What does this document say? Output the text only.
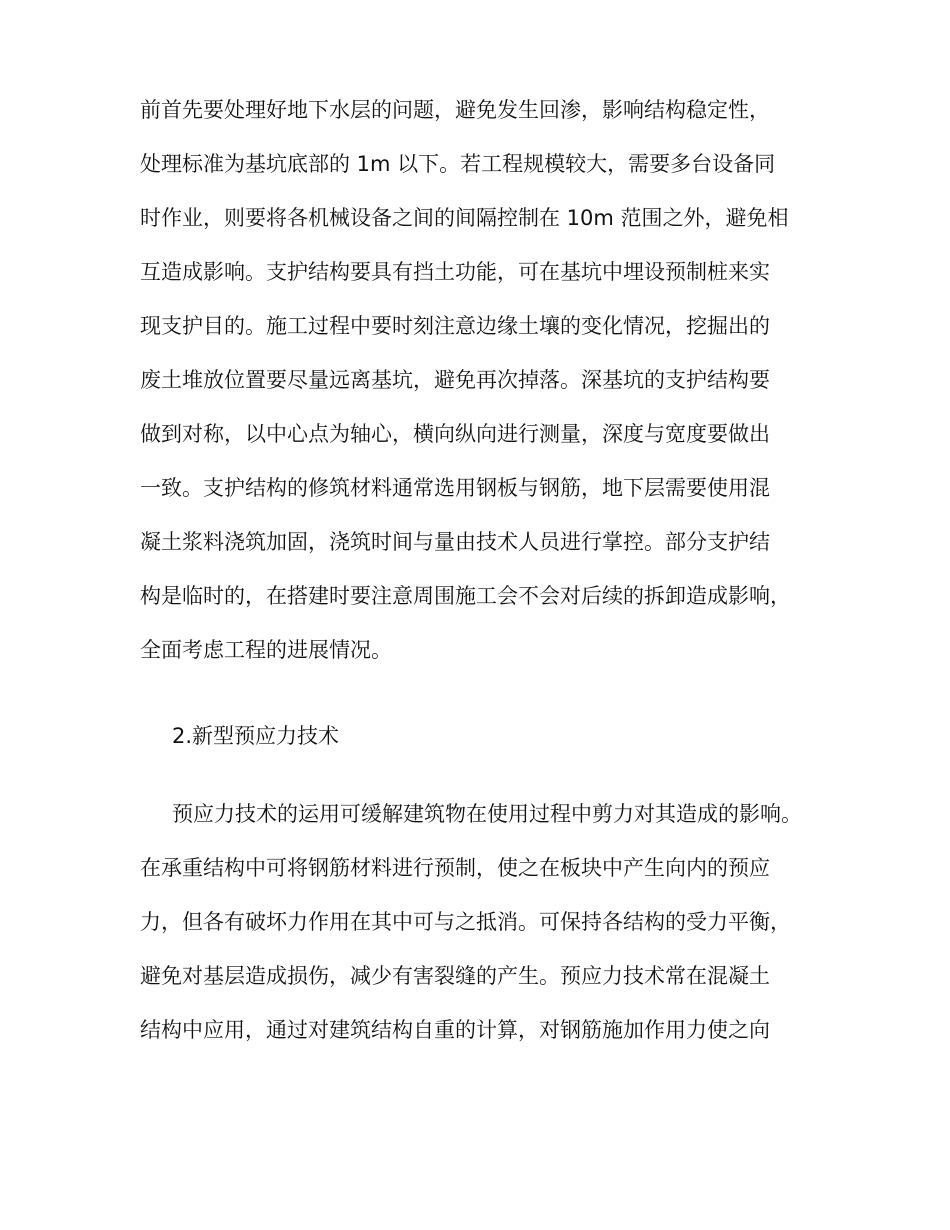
前首先要处理好地下水层的问题，避免发生回渗，影响结构稳定性，
处理标准为基坑底部的 1m 以下。若工程规模较大，需要多台设备同
时作业，则要将各机械设备之间的间隔控制在 10m 范围之外，避免相
互造成影响。支护结构要具有挡土功能，可在基坑中埋设预制桩来实
现支护目的。施工过程中要时刻注意边缘土壤的变化情况，挖掘出的
废土堆放位置要尽量远离基坑，避免再次掉落。深基坑的支护结构要
做到对称，以中心点为轴心，横向纵向进行测量，深度与宽度要做出
一致。支护结构的修筑材料通常选用钢板与钢筋，地下层需要使用混
凝土浆料浇筑加固，浇筑时间与量由技术人员进行掌控。部分支护结
构是临时的，在搭建时要注意周围施工会不会对后续的拆卸造成影响，
全面考虑工程的进展情况。
2.新型预应力技术
预应力技术的运用可缓解建筑物在使用过程中剪力对其造成的影响。
在承重结构中可将钢筋材料进行预制，使之在板块中产生向内的预应
力，但各有破坏力作用在其中可与之抵消。可保持各结构的受力平衡，
避免对基层造成损伤，减少有害裂缝的产生。预应力技术常在混凝土
结构中应用，通过对建筑结构自重的计算，对钢筋施加作用力使之向
